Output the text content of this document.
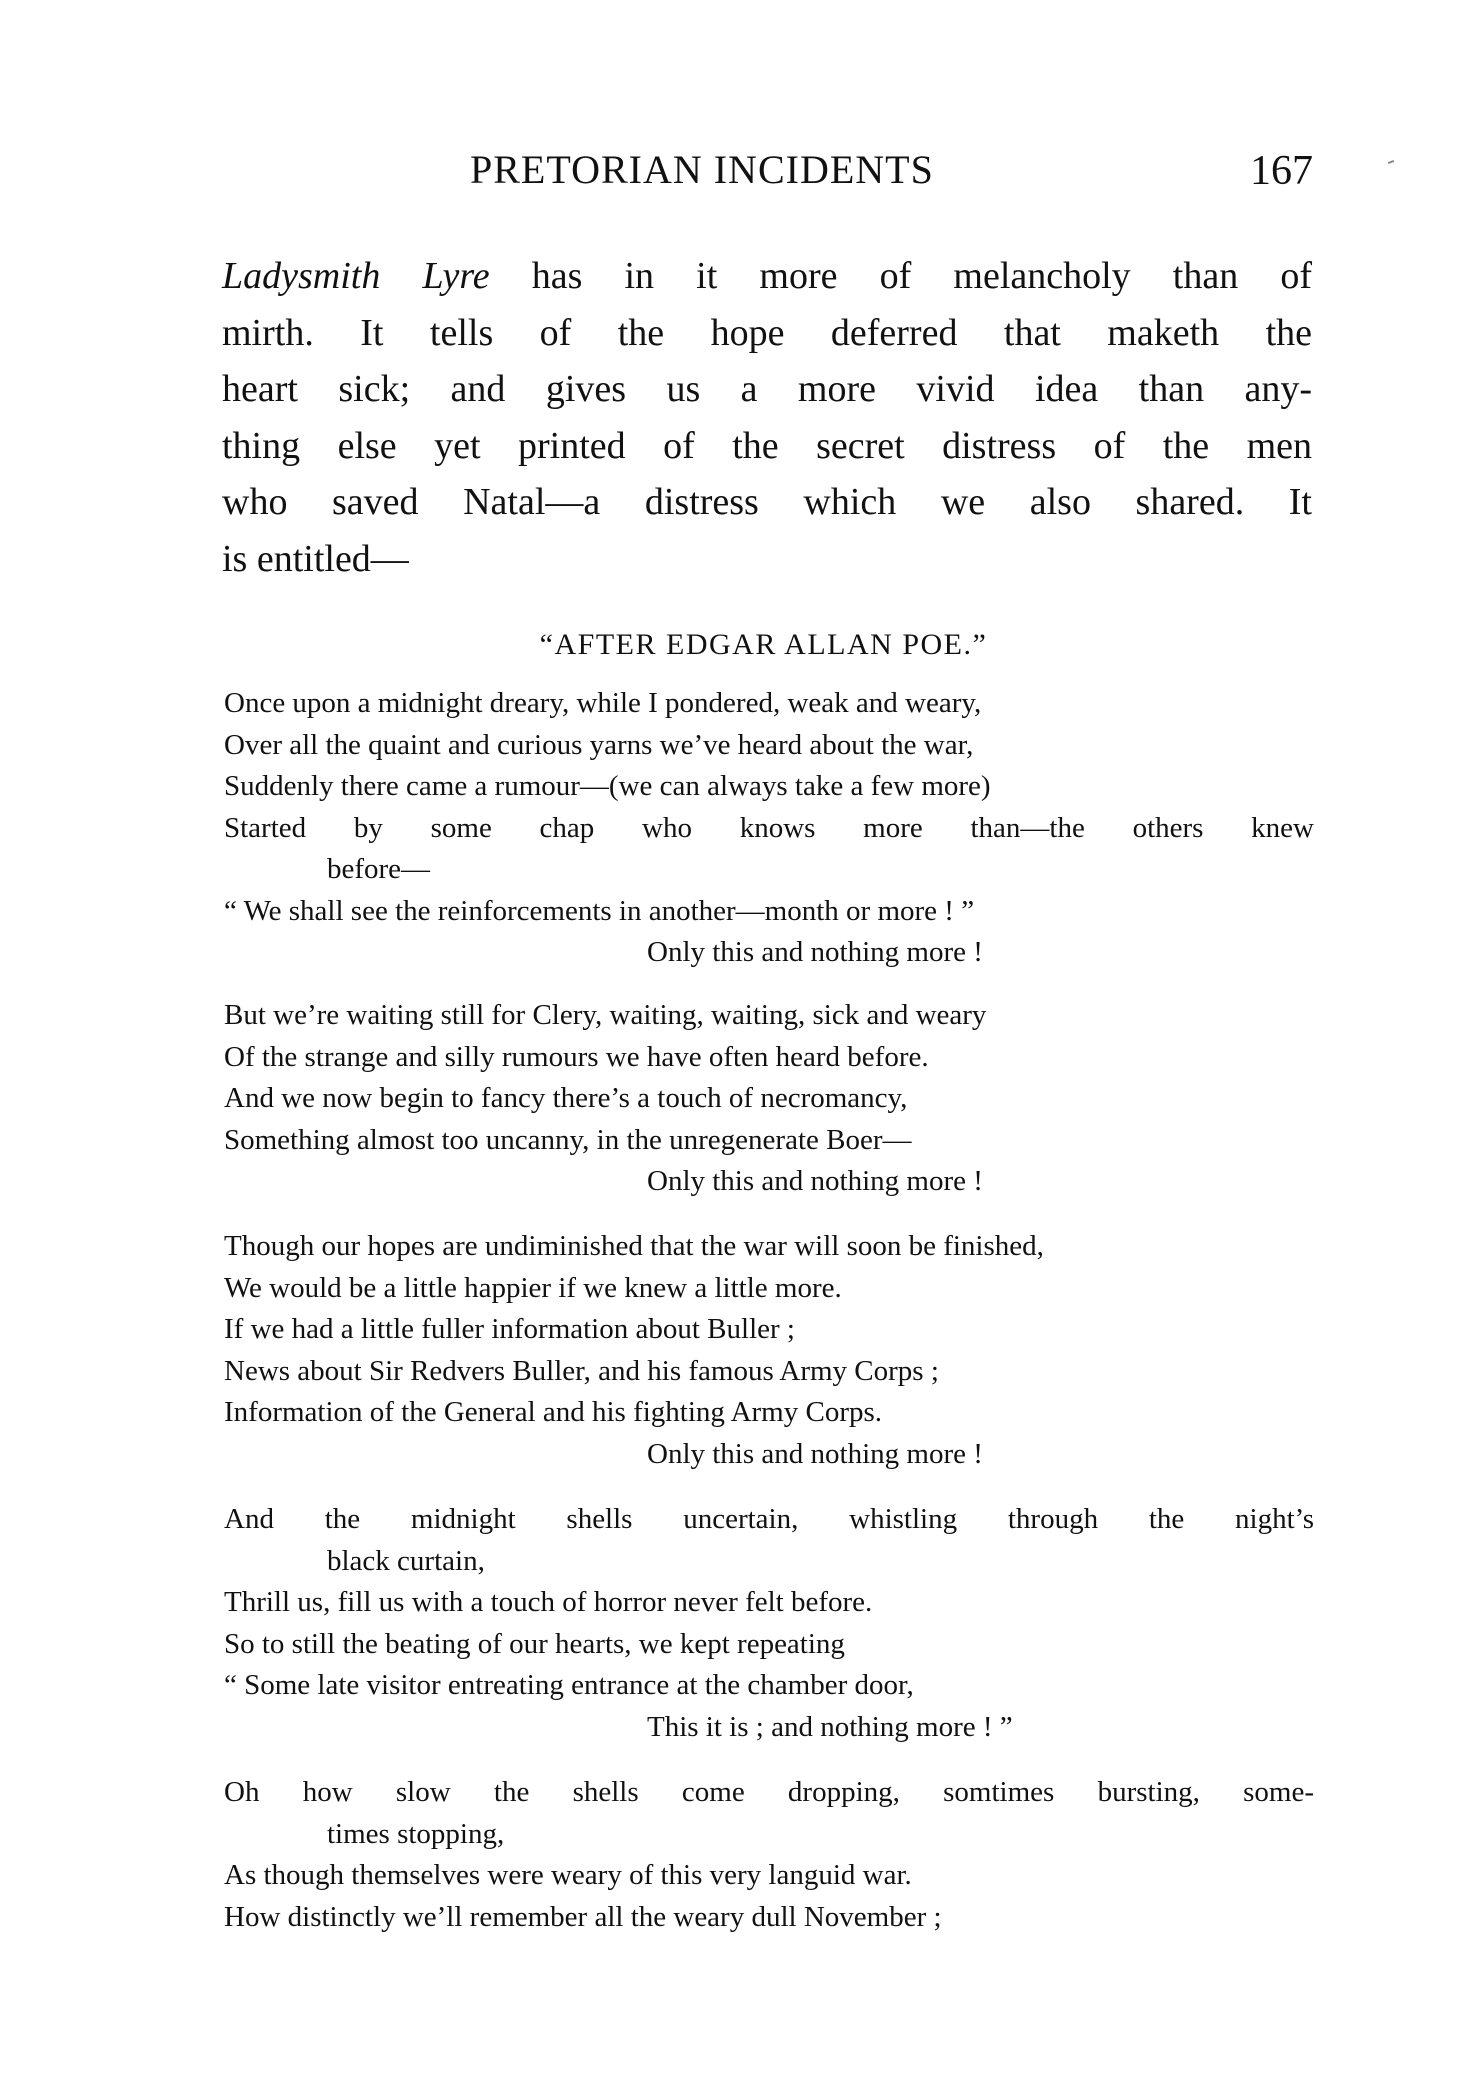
PRETORIAN INCIDENTS	167
Ladysmith Lyre has in it more of melancholy than of
mirth. It tells of the hope deferred that maketh the
heart sick; and gives us a more vivid idea than any-
thing else yet printed of the secret distress of the men
who saved Natal—a distress which we also shared. It
is entitled—
“AFTER EDGAR ALLAN POE.”
Once upon a midnight dreary, while I pondered, weak and weary,
Over all the quaint and curious yarns we’ve heard about the war,
Suddenly there came a rumour—(we can always take a few more)
Started by some chap who knows more than—the others knew
before—
“ We shall see the reinforcements in another—month or more ! ”
Only this and nothing more !
But we’re waiting still for Clery, waiting, waiting, sick and weary
Of the strange and silly rumours we have often heard before.
And we now begin to fancy there’s a touch of necromancy,
Something almost too uncanny, in the unregenerate Boer—
Only this and nothing more !
Though our hopes are undiminished that the war will soon be finished,
We would be a little happier if we knew a little more.
If we had a little fuller information about Buller ;
News about Sir Redvers Buller, and his famous Army Corps ;
Information of the General and his fighting Army Corps.
Only this and nothing more !
And the midnight shells uncertain, whistling through the night’s
black curtain,
Thrill us, fill us with a touch of horror never felt before.
So to still the beating of our hearts, we kept repeating
“ Some late visitor entreating entrance at the chamber door,
This it is ; and nothing more ! ”
Oh how slow the shells come dropping, somtimes bursting, some-
times stopping,
As though themselves were weary of this very languid war.
How distinctly we’ll remember all the weary dull November ;
